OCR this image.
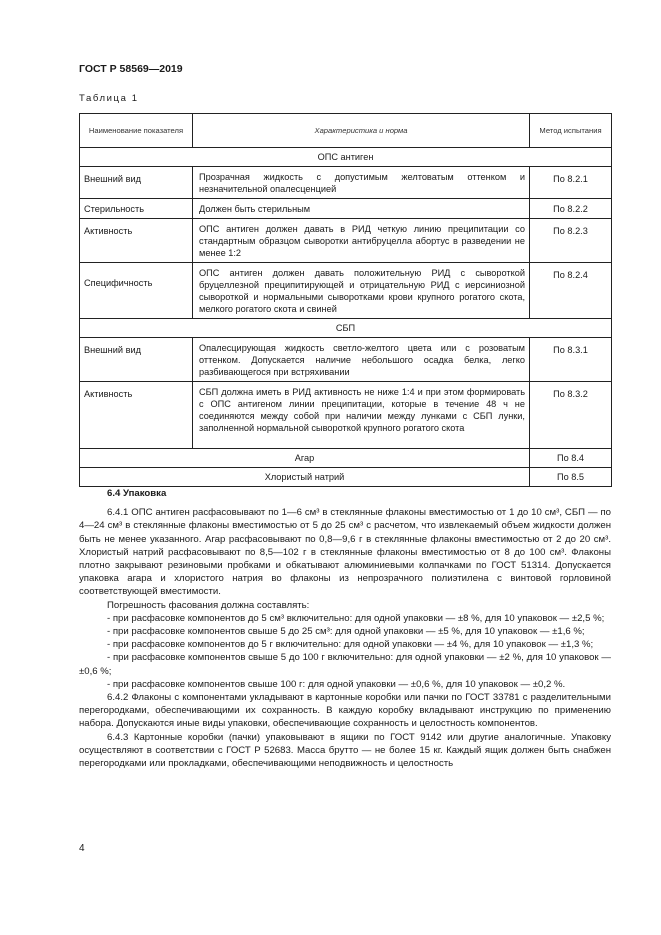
ГОСТ Р 58569—2019
Таблица 1
Наименование показателя	Характеристика и норма	Метод испытания
ОПС антиген		
Внешний вид	Прозрачная жидкость с допустимым желтоватым оттенком и незначительной опалесценцией	По 8.2.1
Стерильность	Должен быть стерильным	По 8.2.2
Активность	ОПС антиген должен давать в РИД четкую линию преципитации со стандартным образцом сыворотки антибруцелла абортус в разведении не менее 1:2	По 8.2.3
Специфичность	ОПС антиген должен давать положительную РИД с сывороткой бруцеллезной преципитирующей и отрицательную РИД с иерсиниозной сывороткой и нормальными сыворотками крови крупного рогатого скота, мелкого рогатого скота и свиней	По 8.2.4
СБП		
Внешний вид	Опалесцирующая жидкость светло-желтого цвета или с розоватым оттенком. Допускается наличие небольшого осадка белка, легко разбивающегося при встряхивании	По 8.3.1
Активность	СБП должна иметь в РИД активность не ниже 1:4 и при этом формировать с ОПС антигеном линии преципитации, которые в течение 48 ч не соединяются между собой при наличии между лунками с СБП лунки, заполненной нормальной сывороткой крупного рогатого скота	По 8.3.2
Агар		По 8.4
Хлористый натрий		По 8.5
6.4 Упаковка

6.4.1 ОПС антиген расфасовывают по 1—6 см³ в стеклянные флаконы вместимостью от 1 до 10 см³, СБП — по 4—24 см³ в стеклянные флаконы вместимостью от 5 до 25 см³ с расчетом, что извлекаемый объем жидкости должен быть не менее указанного. Агар расфасовывают по 0,8—9,6 г в стеклянные флаконы вместимостью от 2 до 20 см³. Хлористый натрий расфасовывают по 8,5—102 г в стеклянные флаконы вместимостью от 8 до 100 см³. Флаконы плотно закрывают резиновыми пробками и обкатывают алюминиевыми колпачками по ГОСТ 51314. Допускается упаковка агара и хлористого натрия во флаконы из непрозрачного полиэтилена с винтовой горловиной соответствующей вместимости.

Погрешность фасования должна составлять:

- при расфасовке компонентов до 5 см³ включительно: для одной упаковки — ±8 %, для 10 упаковок — ±2,5 %;

- при расфасовке компонентов свыше 5 до 25 см³: для одной упаковки — ±5 %, для 10 упаковок — ±1,6 %;

- при расфасовке компонентов до 5 г включительно: для одной упаковки — ±4 %, для 10 упаковок — ±1,3 %;

- при расфасовке компонентов свыше 5 до 100 г включительно: для одной упаковки — ±2 %, для 10 упаковок — ±0,6 %;

- при расфасовке компонентов свыше 100 г: для одной упаковки — ±0,6 %, для 10 упаковок — ±0,2 %.

6.4.2 Флаконы с компонентами укладывают в картонные коробки или пачки по ГОСТ 33781 с разделительными перегородками, обеспечивающими их сохранность. В каждую коробку вкладывают инструкцию по применению набора. Допускаются иные виды упаковки, обеспечивающие сохранность и целостность компонентов.

6.4.3 Картонные коробки (пачки) упаковывают в ящики по ГОСТ 9142 или другие аналогичные. Упаковку осуществляют в соответствии с ГОСТ Р 52683. Масса брутто — не более 15 кг. Каждый ящик должен быть снабжен перегородками или прокладками, обеспечивающими неподвижность и целостность

4
